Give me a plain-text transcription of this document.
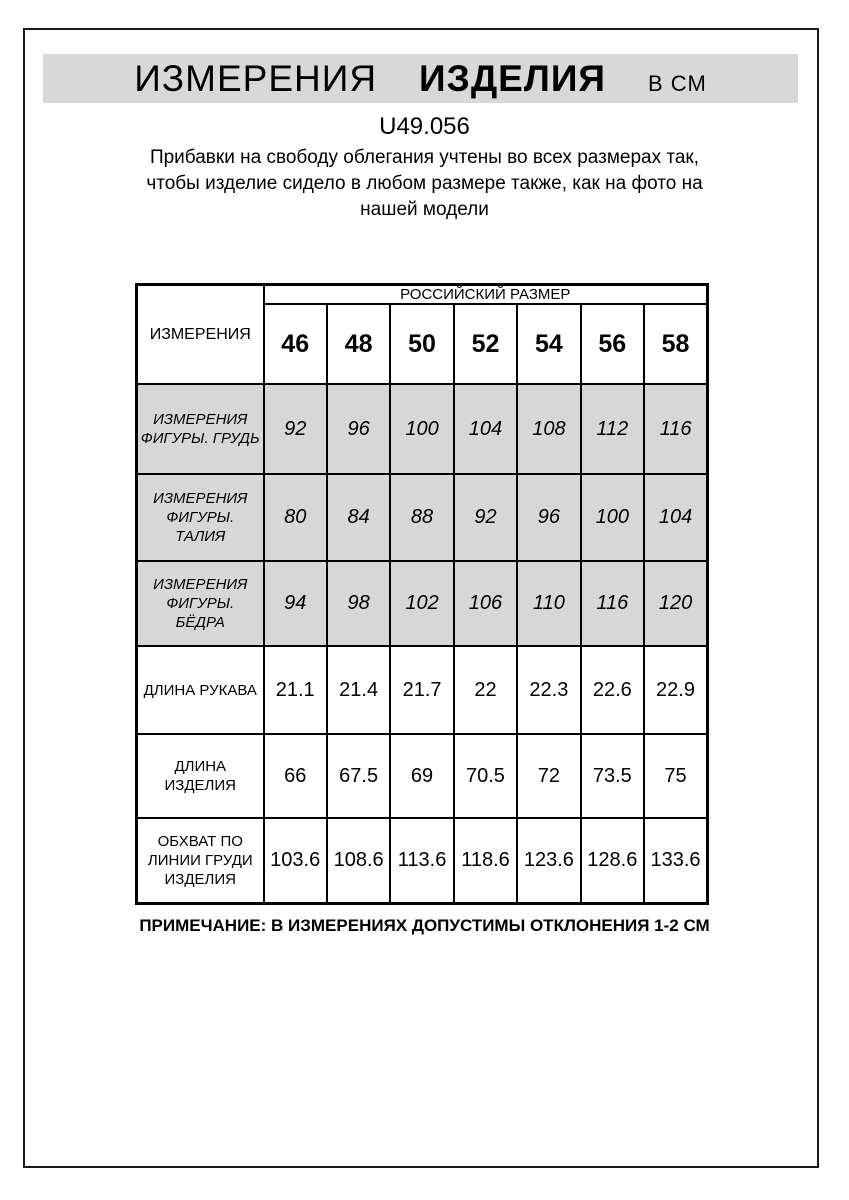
ИЗМЕРЕНИЯ ИЗДЕЛИЯ В СМ
U49.056
Прибавки на свободу облегания учтены во всех размерах так,
чтобы изделие сидело в любом размере также, как на фото на
нашей модели
ИЗМЕРЕНИЯ	РОССИЙСКИЙ РАЗМЕР						
	46	48	50	52	54	56	58
ИЗМЕРЕНИЯ ФИГУРЫ. ГРУДЬ	92	96	100	104	108	112	116
ИЗМЕРЕНИЯ ФИГУРЫ. ТАЛИЯ	80	84	88	92	96	100	104
ИЗМЕРЕНИЯ ФИГУРЫ. БЁДРА	94	98	102	106	110	116	120
ДЛИНА РУКАВА	21.1	21.4	21.7	22	22.3	22.6	22.9
ДЛИНА ИЗДЕЛИЯ	66	67.5	69	70.5	72	73.5	75
ОБХВАТ ПО ЛИНИИ ГРУДИ ИЗДЕЛИЯ	103.6	108.6	113.6	118.6	123.6	128.6	133.6
ПРИМЕЧАНИЕ: В ИЗМЕРЕНИЯХ ДОПУСТИМЫ ОТКЛОНЕНИЯ 1-2 СМ
